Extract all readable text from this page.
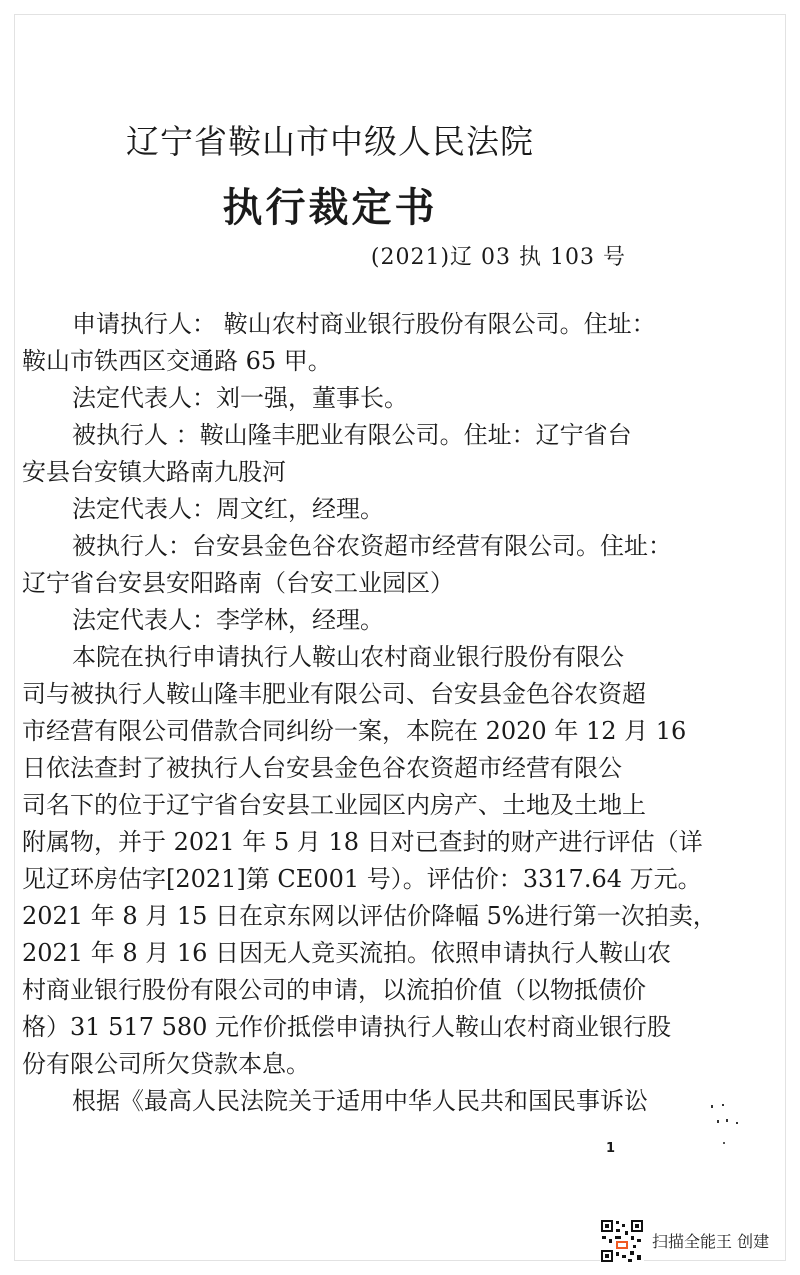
辽宁省鞍山市中级人民法院
执行裁定书
(2021)辽 03 执 103 号
申请执行人： 鞍山农村商业银行股份有限公司。住址：
鞍山市铁西区交通路 65 甲。
法定代表人：刘一强，董事长。
被执行人 ：鞍山隆丰肥业有限公司。住址：辽宁省台
安县台安镇大路南九股河
法定代表人：周文红，经理。
被执行人：台安县金色谷农资超市经营有限公司。住址：
辽宁省台安县安阳路南（台安工业园区）
法定代表人：李学林，经理。
本院在执行申请执行人鞍山农村商业银行股份有限公
司与被执行人鞍山隆丰肥业有限公司、台安县金色谷农资超
市经营有限公司借款合同纠纷一案，本院在 2020 年 12 月 16
日依法查封了被执行人台安县金色谷农资超市经营有限公
司名下的位于辽宁省台安县工业园区内房产、土地及土地上
附属物，并于 2021 年 5 月 18 日对已查封的财产进行评估（详
见辽环房估字[2021]第 CE001 号）。评估价：3317.64 万元。
2021 年 8 月 15 日在京东网以评估价降幅 5%进行第一次拍卖，
2021 年 8 月 16 日因无人竞买流拍。依照申请执行人鞍山农
村商业银行股份有限公司的申请，以流拍价值（以物抵债价
格）31 517 580 元作价抵偿申请执行人鞍山农村商业银行股
份有限公司所欠贷款本息。
根据《最高人民法院关于适用中华人民共和国民事诉讼
1
扫描全能王 创建
